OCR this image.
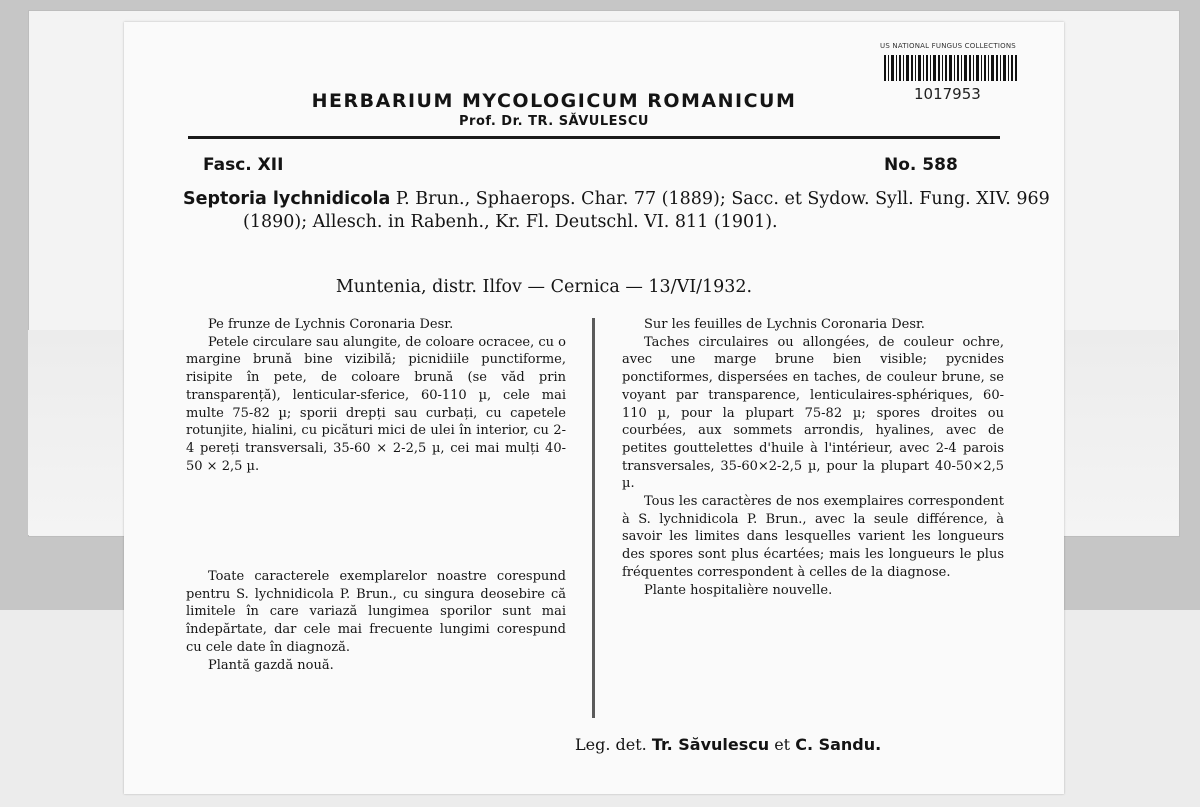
US NATIONAL FUNGUS COLLECTIONS
1017953
HERBARIUM MYCOLOGICUM ROMANICUM
Prof. Dr. TR. SĂVULESCU
Fasc. XII	No. 588
Septoria lychnidicola P. Brun., Sphaerops. Char. 77 (1889); Sacc. et Sydow. Syll. Fung. XIV. 969 (1890); Allesch. in Rabenh., Kr. Fl. Deutschl. VI. 811 (1901).
Muntenia, distr. Ilfov — Cernica — 13/VI/1932.

Pe frunze de Lychnis Coronaria Desr.

Petele circulare sau alungite, de coloare ocracee, cu o margine brună bine vizibilă; picnidiile punctiforme, risipite în pete, de coloare brună (se văd prin transparență), lenticular-sferice, 60-110 µ, cele mai multe 75-82 µ; sporii drepți sau curbați, cu capetele rotunjite, hialini, cu picături mici de ulei în interior, cu 2-4 pereți transversali, 35-60 × 2-2,5 µ, cei mai mulți 40-50 × 2,5 µ.

Toate caracterele exemplarelor noastre corespund pentru S. lychnidicola P. Brun., cu singura deosebire că limitele în care variază lungimea sporilor sunt mai îndepărtate, dar cele mai frecuente lungimi corespund cu cele date în diagnoză.

Plantă gazdă nouă.

Sur les feuilles de Lychnis Coronaria Desr.

Taches circulaires ou allongées, de couleur ochre, avec une marge brune bien visible; pycnides ponctiformes, dispersées en taches, de couleur brune, se voyant par transparence, lenticulaires-sphériques, 60-110 µ, pour la plupart 75-82 µ; spores droites ou courbées, aux sommets arrondis, hyalines, avec de petites gouttelettes d'huile à l'intérieur, avec 2-4 parois transversales, 35-60×2-2,5 µ, pour la plupart 40-50×2,5 µ.

Tous les caractères de nos exemplaires correspondent à S. lychnidicola P. Brun., avec la seule différence, à savoir les limites dans lesquelles varient les longueurs des spores sont plus écartées; mais les longueurs le plus fréquentes correspondent à celles de la diagnose.

Plante hospitalière nouvelle.

Leg. det. Tr. Săvulescu et C. Sandu.
